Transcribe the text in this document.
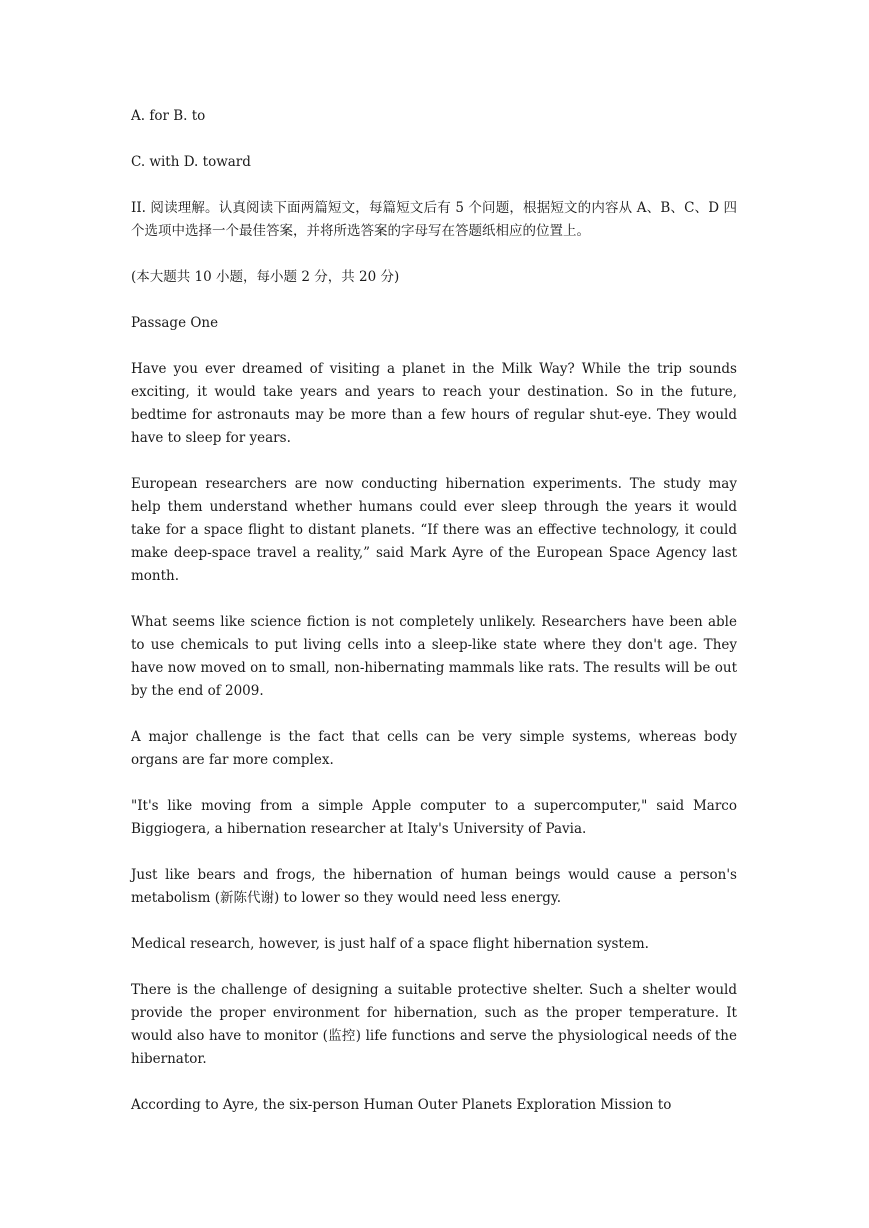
A. for B. to

C. with D. toward

II. 阅读理解。认真阅读下面两篇短文，每篇短文后有 5 个问题，根据短文的内容从 A、B、C、D 四个选项中选择一个最佳答案，并将所选答案的字母写在答题纸相应的位置上。

(本大题共 10 小题，每小题 2 分，共 20 分)

Passage One

Have you ever dreamed of visiting a planet in the Milk Way? While the trip sounds exciting, it would take years and years to reach your destination. So in the future, bedtime for astronauts may be more than a few hours of regular shut-eye. They would have to sleep for years.

European researchers are now conducting hibernation experiments. The study may help them understand whether humans could ever sleep through the years it would take for a space flight to distant planets. “If there was an effective technology, it could make deep-space travel a reality,” said Mark Ayre of the European Space Agency last month.

What seems like science fiction is not completely unlikely. Researchers have been able to use chemicals to put living cells into a sleep-like state where they don't age. They have now moved on to small, non-hibernating mammals like rats. The results will be out by the end of 2009.

A major challenge is the fact that cells can be very simple systems, whereas body organs are far more complex.

"It's like moving from a simple Apple computer to a supercomputer," said Marco Biggiogera, a hibernation researcher at Italy's University of Pavia.

Just like bears and frogs, the hibernation of human beings would cause a person's metabolism (新陈代谢) to lower so they would need less energy.

Medical research, however, is just half of a space flight hibernation system.

There is the challenge of designing a suitable protective shelter. Such a shelter would provide the proper environment for hibernation, such as the proper temperature. It would also have to monitor (监控) life functions and serve the physiological needs of the hibernator.

According to Ayre, the six-person Human Outer Planets Exploration Mission to
